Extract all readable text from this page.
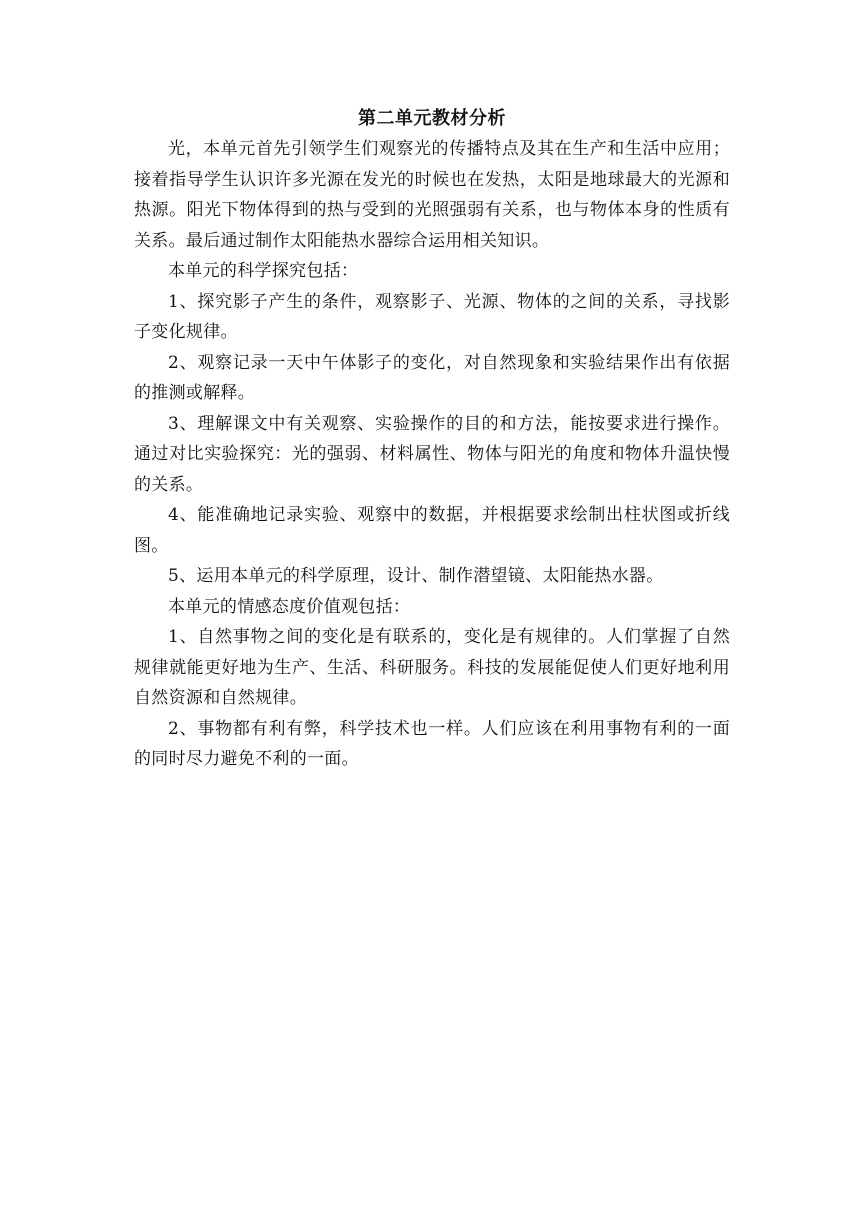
第二单元教材分析

光，本单元首先引领学生们观察光的传播特点及其在生产和生活中应用；接着指导学生认识许多光源在发光的时候也在发热，太阳是地球最大的光源和热源。阳光下物体得到的热与受到的光照强弱有关系，也与物体本身的性质有关系。最后通过制作太阳能热水器综合运用相关知识。

本单元的科学探究包括：

1、探究影子产生的条件，观察影子、光源、物体的之间的关系，寻找影子变化规律。

2、观察记录一天中午体影子的变化，对自然现象和实验结果作出有依据的推测或解释。

3、理解课文中有关观察、实验操作的目的和方法，能按要求进行操作。通过对比实验探究：光的强弱、材料属性、物体与阳光的角度和物体升温快慢的关系。

4、能准确地记录实验、观察中的数据，并根据要求绘制出柱状图或折线图。

5、运用本单元的科学原理，设计、制作潜望镜、太阳能热水器。

本单元的情感态度价值观包括：

1、自然事物之间的变化是有联系的，变化是有规律的。人们掌握了自然规律就能更好地为生产、生活、科研服务。科技的发展能促使人们更好地利用自然资源和自然规律。

2、事物都有利有弊，科学技术也一样。人们应该在利用事物有利的一面的同时尽力避免不利的一面。
